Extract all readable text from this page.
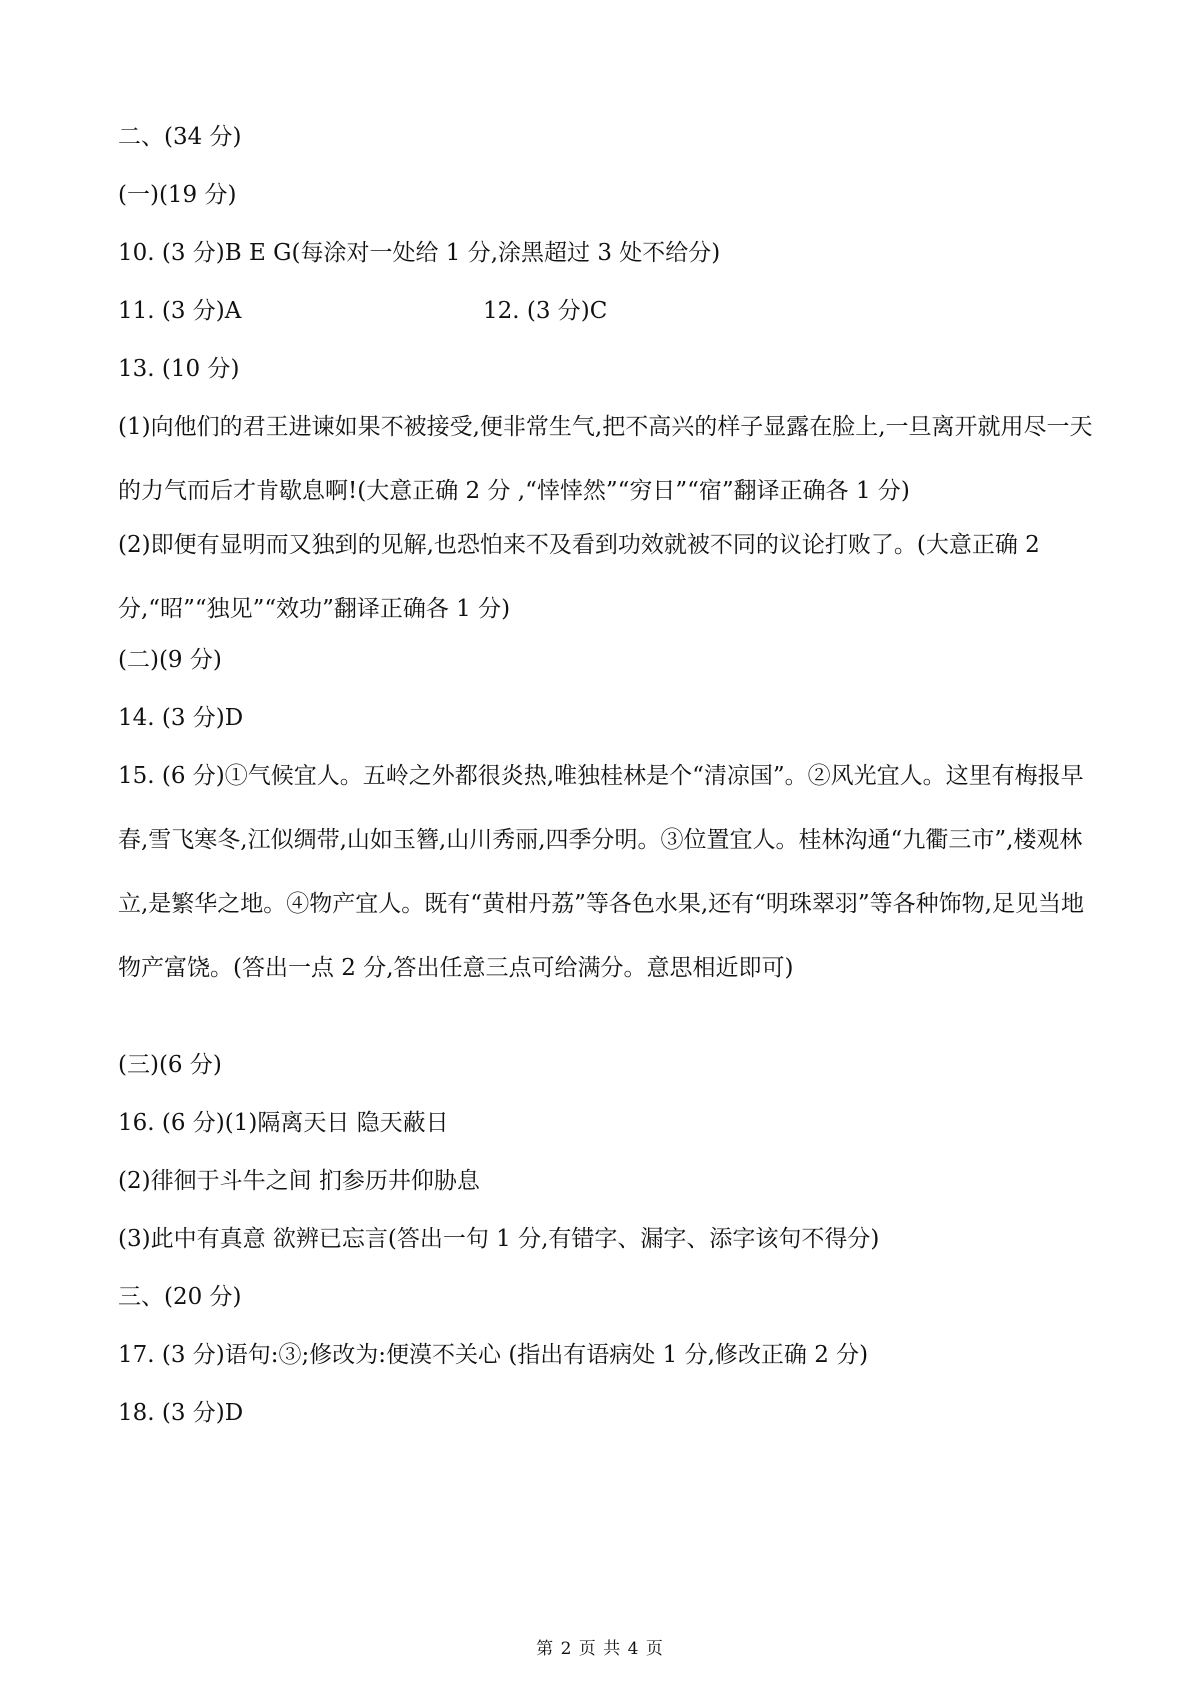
二、(34 分)
(一)(19 分)
10. (3 分)B E G(每涂对一处给 1 分,涂黑超过 3 处不给分)
11. (3 分)A	12. (3 分)C
13. (10 分)
(1)向他们的君王进谏如果不被接受,便非常生气,把不高兴的样子显露在脸上,一旦离开就用尽一天的力气而后才肯歇息啊!(大意正确 2 分 ,“悻悻然”“穷日”“宿”翻译正确各 1 分)
(2)即便有显明而又独到的见解,也恐怕来不及看到功效就被不同的议论打败了。(大意正确 2 分,“昭”“独见”“效功”翻译正确各 1 分)
(二)(9 分)
14. (3 分)D
15. (6 分)①气候宜人。五岭之外都很炎热,唯独桂林是个“清凉国”。②风光宜人。这里有梅报早春,雪飞寒冬,江似绸带,山如玉簪,山川秀丽,四季分明。③位置宜人。桂林沟通“九衢三市”,楼观林立,是繁华之地。④物产宜人。既有“黄柑丹荔”等各色水果,还有“明珠翠羽”等各种饰物,足见当地物产富饶。(答出一点 2 分,答出任意三点可给满分。意思相近即可)
(三)(6 分)
16. (6 分)(1)隔离天日 隐天蔽日
(2)徘徊于斗牛之间 扪参历井仰胁息
(3)此中有真意 欲辨已忘言(答出一句 1 分,有错字、漏字、添字该句不得分)
三、(20 分)
17. (3 分)语句:③;修改为:便漠不关心 (指出有语病处 1 分,修改正确 2 分)
18. (3 分)D
第 2 页 共 4 页
